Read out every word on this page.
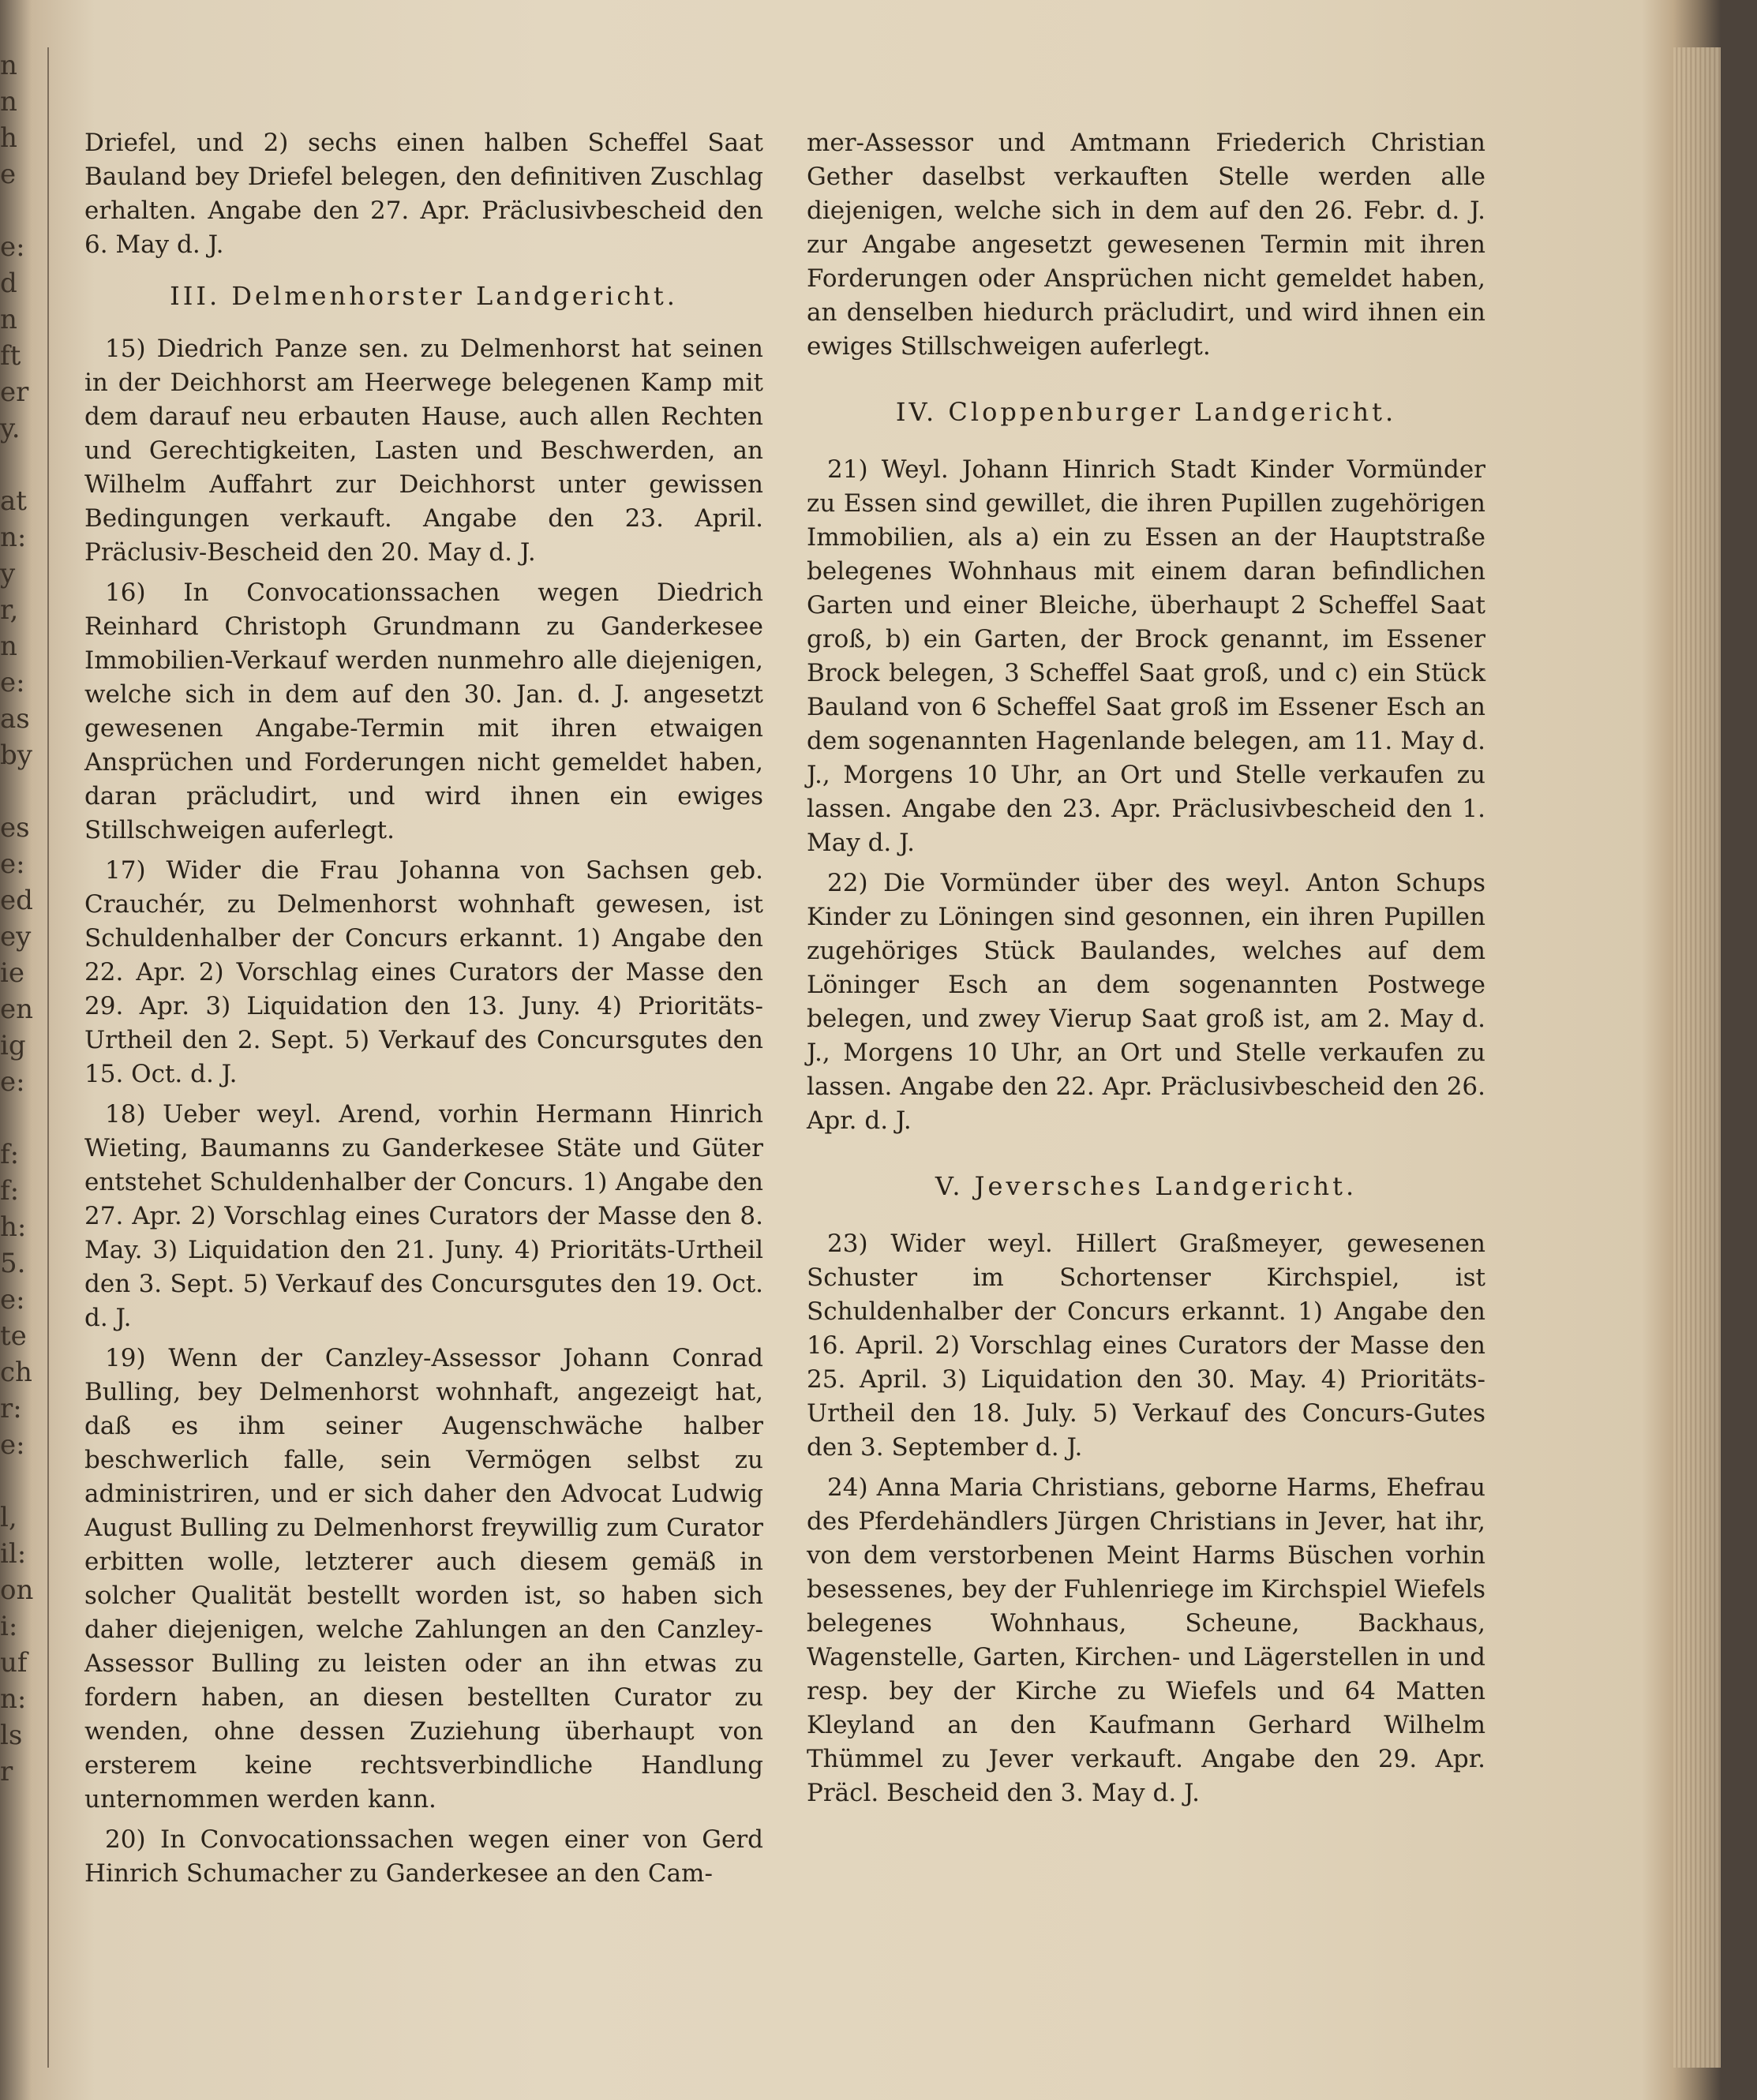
n
n
h
e
e:
d
n
ft
er
y.
at
n:
y
r,
n
e:
as
by
es
e:
ed
ey
ie
en
ig
e:
f:
f:
h:
5.
e:
te
ch
r:
e:
l,
il:
on
i:
uf
n:
ls
r

Driefel, und 2) sechs einen halben Scheffel Saat Bauland bey Driefel belegen, den definitiven Zuschlag erhalten. Angabe den 27. Apr. Präclusivbescheid den 6. May d. J.

III. Delmenhorster Landgericht.

15) Diedrich Panze sen. zu Delmenhorst hat seinen in der Deichhorst am Heerwege belegenen Kamp mit dem darauf neu erbauten Hause, auch allen Rechten und Gerechtigkeiten, Lasten und Beschwerden, an Wilhelm Auffahrt zur Deichhorst unter gewissen Bedingungen verkauft. Angabe den 23. April. Präclusiv-Bescheid den 20. May d. J.

16) In Convocationssachen wegen Diedrich Reinhard Christoph Grundmann zu Ganderkesee Immobilien-Verkauf werden nunmehro alle diejenigen, welche sich in dem auf den 30. Jan. d. J. angesetzt gewesenen Angabe-Termin mit ihren etwaigen Ansprüchen und Forderungen nicht gemeldet haben, daran präcludirt, und wird ihnen ein ewiges Stillschweigen auferlegt.

17) Wider die Frau Johanna von Sachsen geb. Crauchér, zu Delmenhorst wohnhaft gewesen, ist Schuldenhalber der Concurs erkannt. 1) Angabe den 22. Apr. 2) Vorschlag eines Curators der Masse den 29. Apr. 3) Liquidation den 13. Juny. 4) Prioritäts-Urtheil den 2. Sept. 5) Verkauf des Concursgutes den 15. Oct. d. J.

18) Ueber weyl. Arend, vorhin Hermann Hinrich Wieting, Baumanns zu Ganderkesee Stäte und Güter entstehet Schuldenhalber der Concurs. 1) Angabe den 27. Apr. 2) Vorschlag eines Curators der Masse den 8. May. 3) Liquidation den 21. Juny. 4) Prioritäts-Urtheil den 3. Sept. 5) Verkauf des Concursgutes den 19. Oct. d. J.

19) Wenn der Canzley-Assessor Johann Conrad Bulling, bey Delmenhorst wohnhaft, angezeigt hat, daß es ihm seiner Augenschwäche halber beschwerlich falle, sein Vermögen selbst zu administriren, und er sich daher den Advocat Ludwig August Bulling zu Delmenhorst freywillig zum Curator erbitten wolle, letzterer auch diesem gemäß in solcher Qualität bestellt worden ist, so haben sich daher diejenigen, welche Zahlungen an den Canzley-Assessor Bulling zu leisten oder an ihn etwas zu fordern haben, an diesen bestellten Curator zu wenden, ohne dessen Zuziehung überhaupt von ersterem keine rechtsverbindliche Handlung unternommen werden kann.

20) In Convocationssachen wegen einer von Gerd Hinrich Schumacher zu Ganderkesee an den Cam-

mer-Assessor und Amtmann Friederich Christian Gether daselbst verkauften Stelle werden alle diejenigen, welche sich in dem auf den 26. Febr. d. J. zur Angabe angesetzt gewesenen Termin mit ihren Forderungen oder Ansprüchen nicht gemeldet haben, an denselben hiedurch präcludirt, und wird ihnen ein ewiges Stillschweigen auferlegt.

IV. Cloppenburger Landgericht.

21) Weyl. Johann Hinrich Stadt Kinder Vormünder zu Essen sind gewillet, die ihren Pupillen zugehörigen Immobilien, als a) ein zu Essen an der Hauptstraße belegenes Wohnhaus mit einem daran befindlichen Garten und einer Bleiche, überhaupt 2 Scheffel Saat groß, b) ein Garten, der Brock genannt, im Essener Brock belegen, 3 Scheffel Saat groß, und c) ein Stück Bauland von 6 Scheffel Saat groß im Essener Esch an dem sogenannten Hagenlande belegen, am 11. May d. J., Morgens 10 Uhr, an Ort und Stelle verkaufen zu lassen. Angabe den 23. Apr. Präclusivbescheid den 1. May d. J.

22) Die Vormünder über des weyl. Anton Schups Kinder zu Löningen sind gesonnen, ein ihren Pupillen zugehöriges Stück Baulandes, welches auf dem Löninger Esch an dem sogenannten Postwege belegen, und zwey Vierup Saat groß ist, am 2. May d. J., Morgens 10 Uhr, an Ort und Stelle verkaufen zu lassen. Angabe den 22. Apr. Präclusivbescheid den 26. Apr. d. J.

V. Jeversches Landgericht.

23) Wider weyl. Hillert Graßmeyer, gewesenen Schuster im Schortenser Kirchspiel, ist Schuldenhalber der Concurs erkannt. 1) Angabe den 16. April. 2) Vorschlag eines Curators der Masse den 25. April. 3) Liquidation den 30. May. 4) Prioritäts-Urtheil den 18. July. 5) Verkauf des Concurs-Gutes den 3. September d. J.

24) Anna Maria Christians, geborne Harms, Ehefrau des Pferdehändlers Jürgen Christians in Jever, hat ihr, von dem verstorbenen Meint Harms Büschen vorhin besessenes, bey der Fuhlenriege im Kirchspiel Wiefels belegenes Wohnhaus, Scheune, Backhaus, Wagenstelle, Garten, Kirchen- und Lägerstellen in und resp. bey der Kirche zu Wiefels und 64 Matten Kleyland an den Kaufmann Gerhard Wilhelm Thümmel zu Jever verkauft. Angabe den 29. Apr. Präcl. Bescheid den 3. May d. J.
